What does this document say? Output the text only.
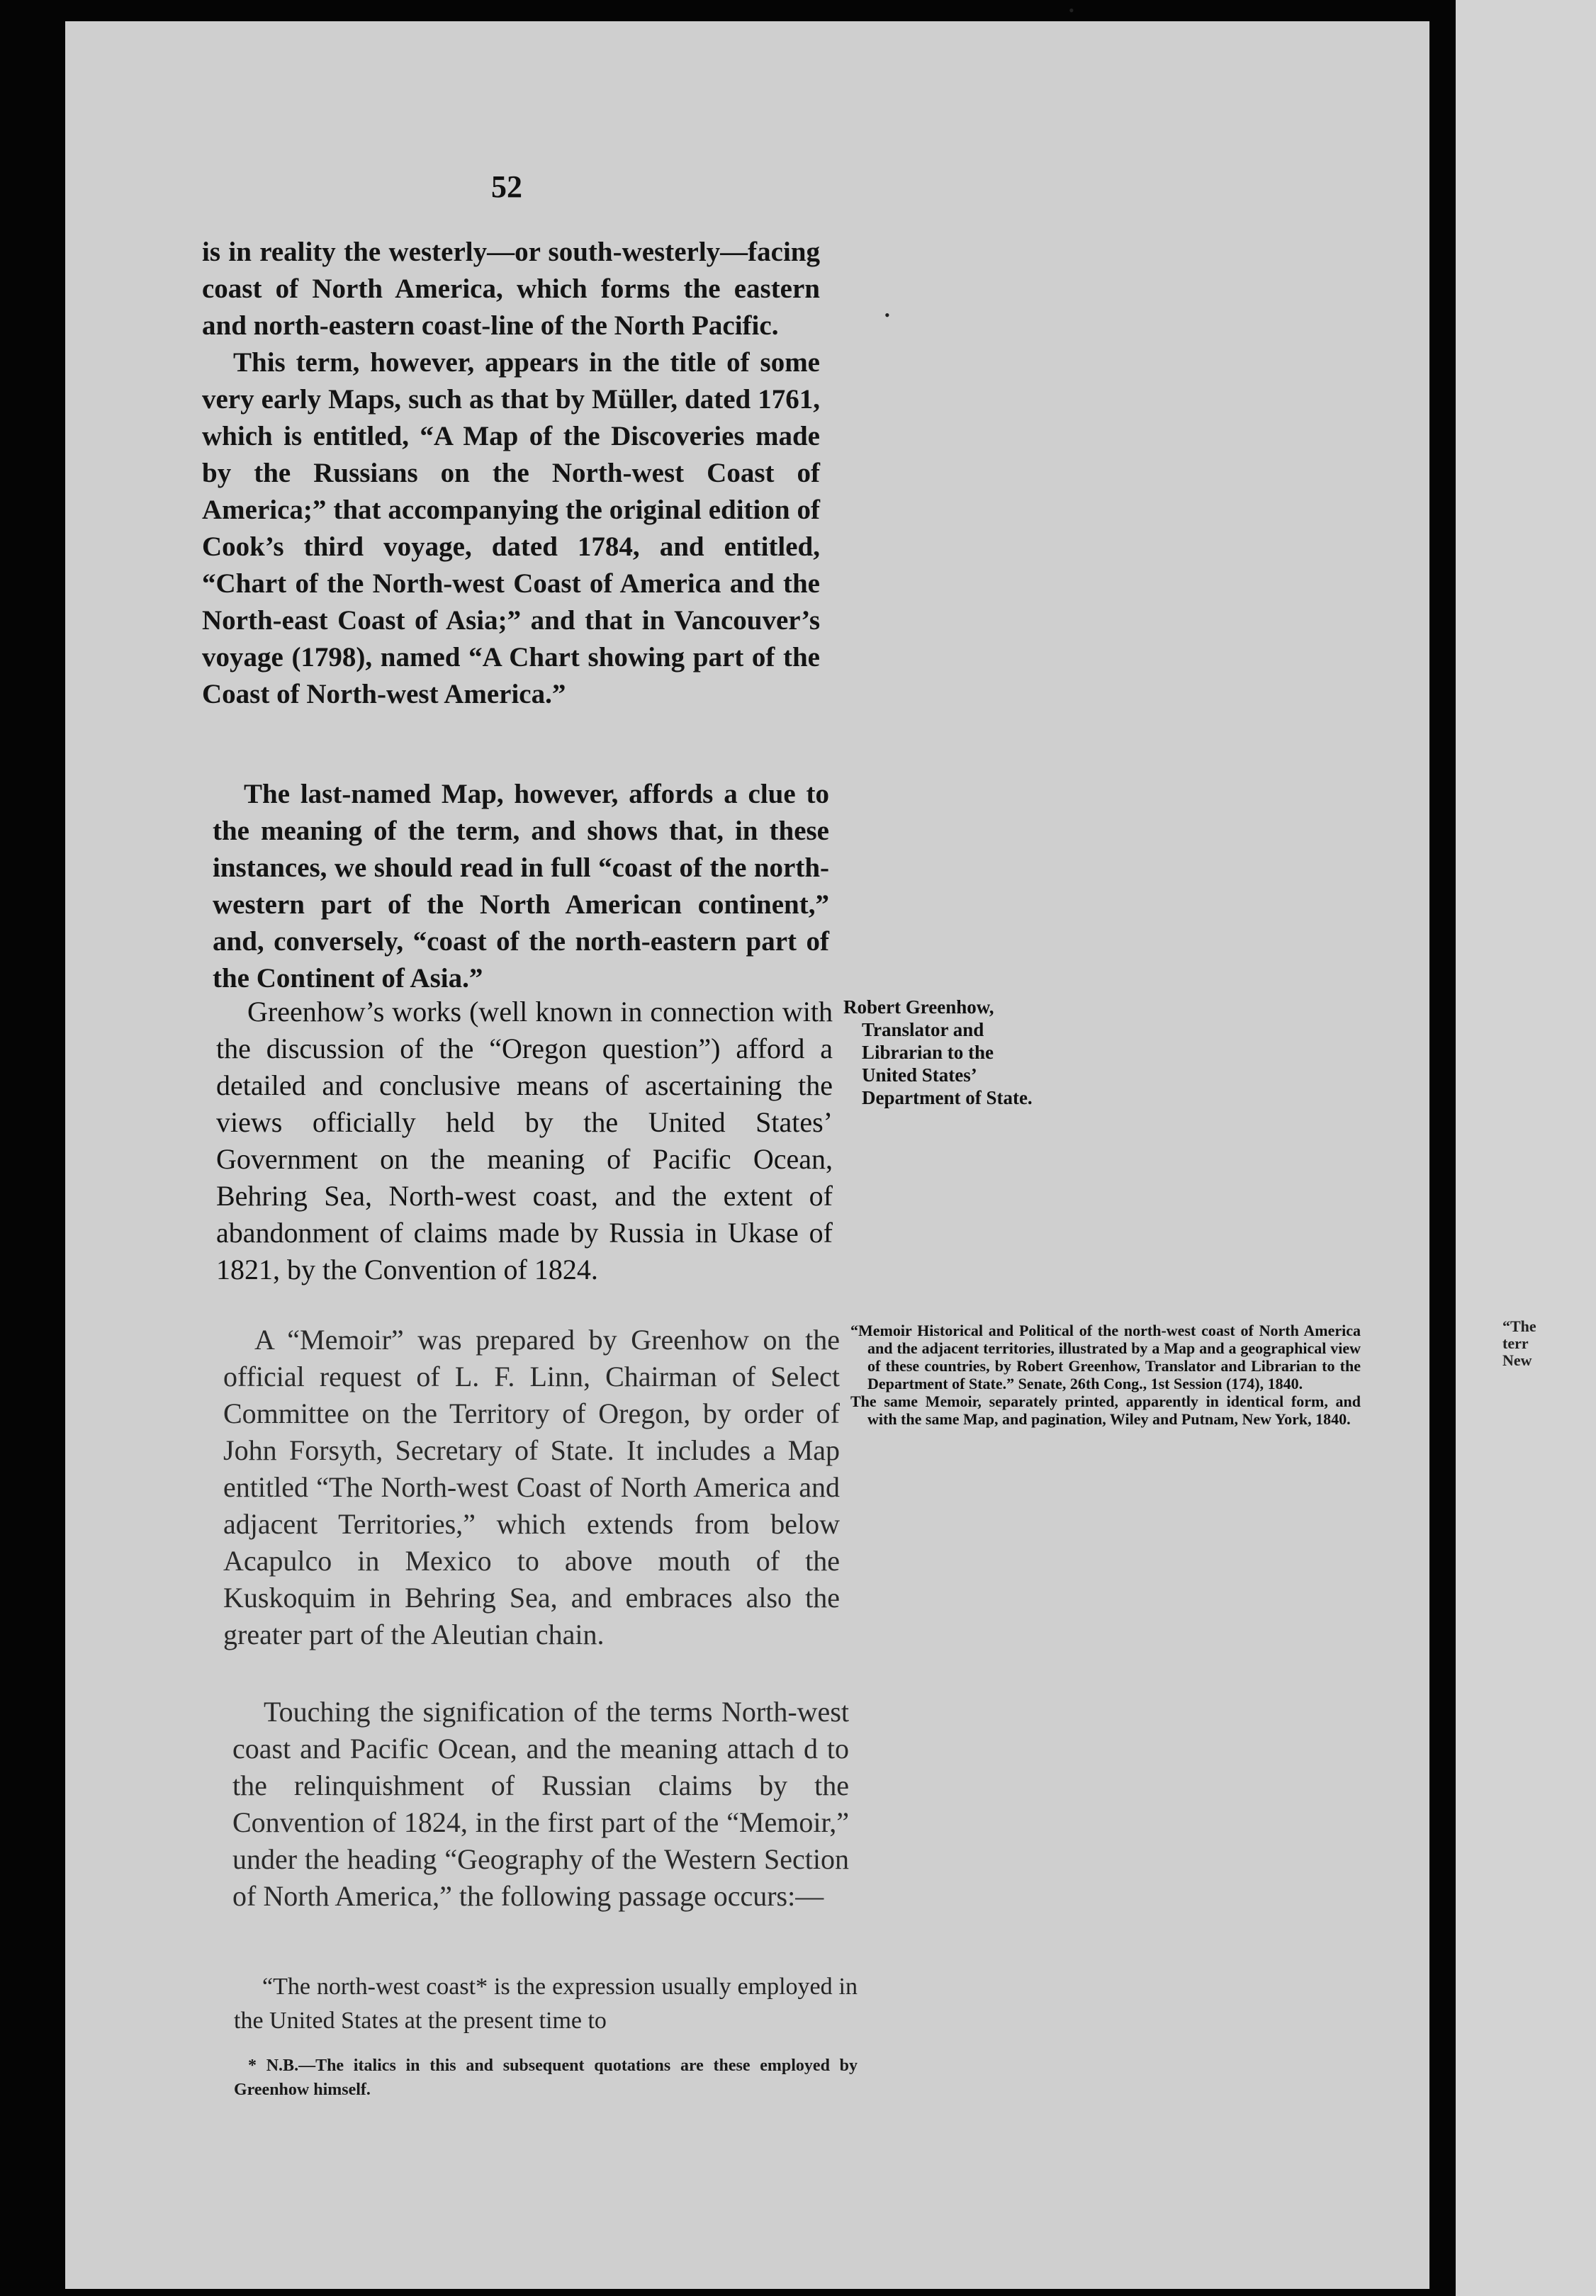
52

is in reality the westerly—or south-westerly—facing coast of North America, which forms the eastern and north-eastern coast-line of the North Pacific.

This term, however, appears in the title of some very early Maps, such as that by Müller, dated 1761, which is entitled, “A Map of the Discoveries made by the Russians on the North-west Coast of America;” that accompanying the original edition of Cook’s third voyage, dated 1784, and entitled, “Chart of the North-west Coast of America and the North-east Coast of Asia;” and that in Vancouver’s voyage (1798), named “A Chart showing part of the Coast of North-west America.”

The last-named Map, however, affords a clue to the meaning of the term, and shows that, in these instances, we should read in full “coast of the north-western part of the North American continent,” and, conversely, “coast of the north-eastern part of the Continent of Asia.”

Greenhow’s works (well known in connection with the discussion of the “Oregon question”) afford a detailed and conclusive means of ascertaining the views officially held by the United States’ Government on the meaning of Pacific Ocean, Behring Sea, North-west coast, and the extent of abandonment of claims made by Russia in Ukase of 1821, by the Convention of 1824.

A “Memoir” was prepared by Greenhow on the official request of L. F. Linn, Chairman of Select Committee on the Territory of Oregon, by order of John Forsyth, Secretary of State. It includes a Map entitled “The North-west Coast of North America and adjacent Territories,” which extends from below Acapulco in Mexico to above mouth of the Kuskoquim in Behring Sea, and embraces also the greater part of the Aleutian chain.

Touching the signification of the terms North-west coast and Pacific Ocean, and the meaning attach d to the relinquishment of Russian claims by the Convention of 1824, in the first part of the “Memoir,” under the heading “Geography of the Western Section of North America,” the following passage occurs:—

“The north-west coast* is the expression usually employed in the United States at the present time to
* N.B.—The italics in this and subsequent quotations are these employed by Greenhow himself.
Robert Greenhow,
Translator and Librarian to the United States’ Department of State.

“Memoir Historical and Political of the north-west coast of North America and the adjacent territories, illustrated by a Map and a geographical view of these countries, by Robert Greenhow, Translator and Librarian to the Department of State.” Senate, 26th Cong., 1st Session (174), 1840.

The same Memoir, separately printed, apparently in identical form, and with the same Map, and pagination, Wiley and Putnam, New York, 1840.

“The
terr
New
•
•
